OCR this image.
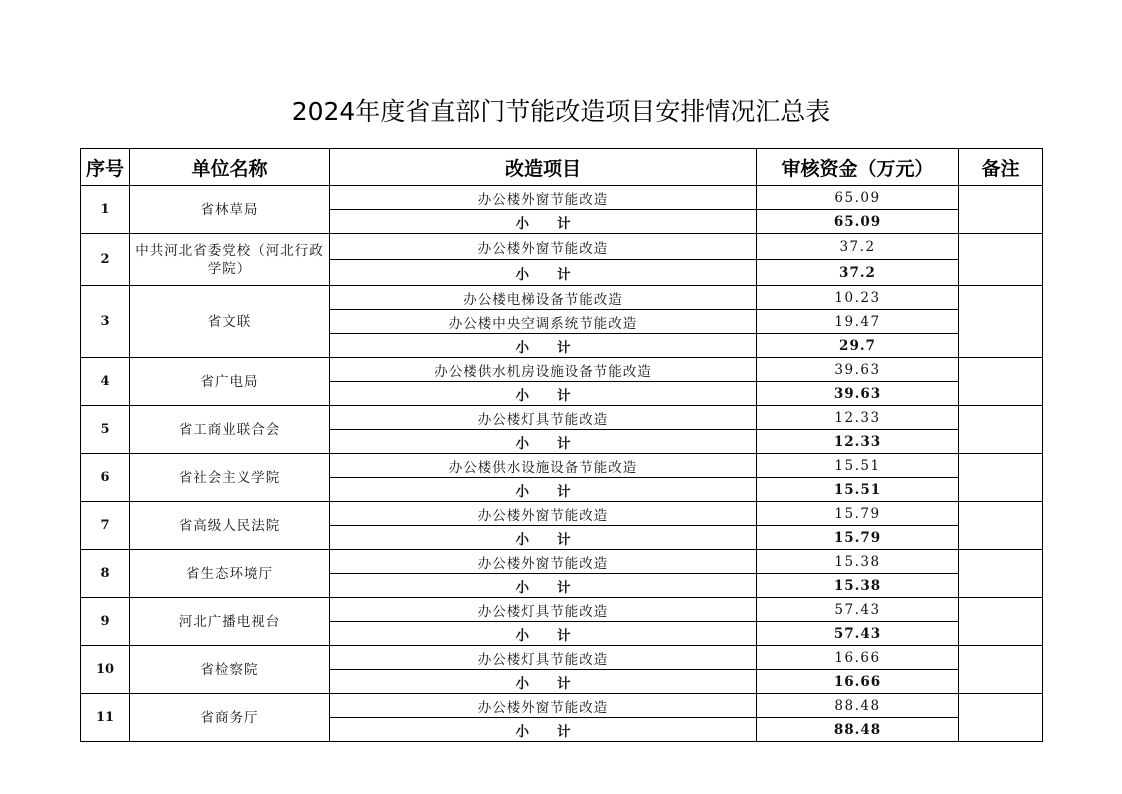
2024年度省直部门节能改造项目安排情况汇总表
序号	单位名称	改造项目	审核资金（万元）	备注
1	省林草局	办公楼外窗节能改造	65.09	
		小 计	65.09	
2	中共河北省委党校（河北行政学院）	办公楼外窗节能改造	37.2	
		小 计	37.2	
3	省文联	办公楼电梯设备节能改造	10.23	
		办公楼中央空调系统节能改造	19.47	
		小 计	29.7	
4	省广电局	办公楼供水机房设施设备节能改造	39.63	
		小 计	39.63	
5	省工商业联合会	办公楼灯具节能改造	12.33	
		小 计	12.33	
6	省社会主义学院	办公楼供水设施设备节能改造	15.51	
		小 计	15.51	
7	省高级人民法院	办公楼外窗节能改造	15.79	
		小 计	15.79	
8	省生态环境厅	办公楼外窗节能改造	15.38	
		小 计	15.38	
9	河北广播电视台	办公楼灯具节能改造	57.43	
		小 计	57.43	
10	省检察院	办公楼灯具节能改造	16.66	
		小 计	16.66	
11	省商务厅	办公楼外窗节能改造	88.48	
		小 计	88.48	
